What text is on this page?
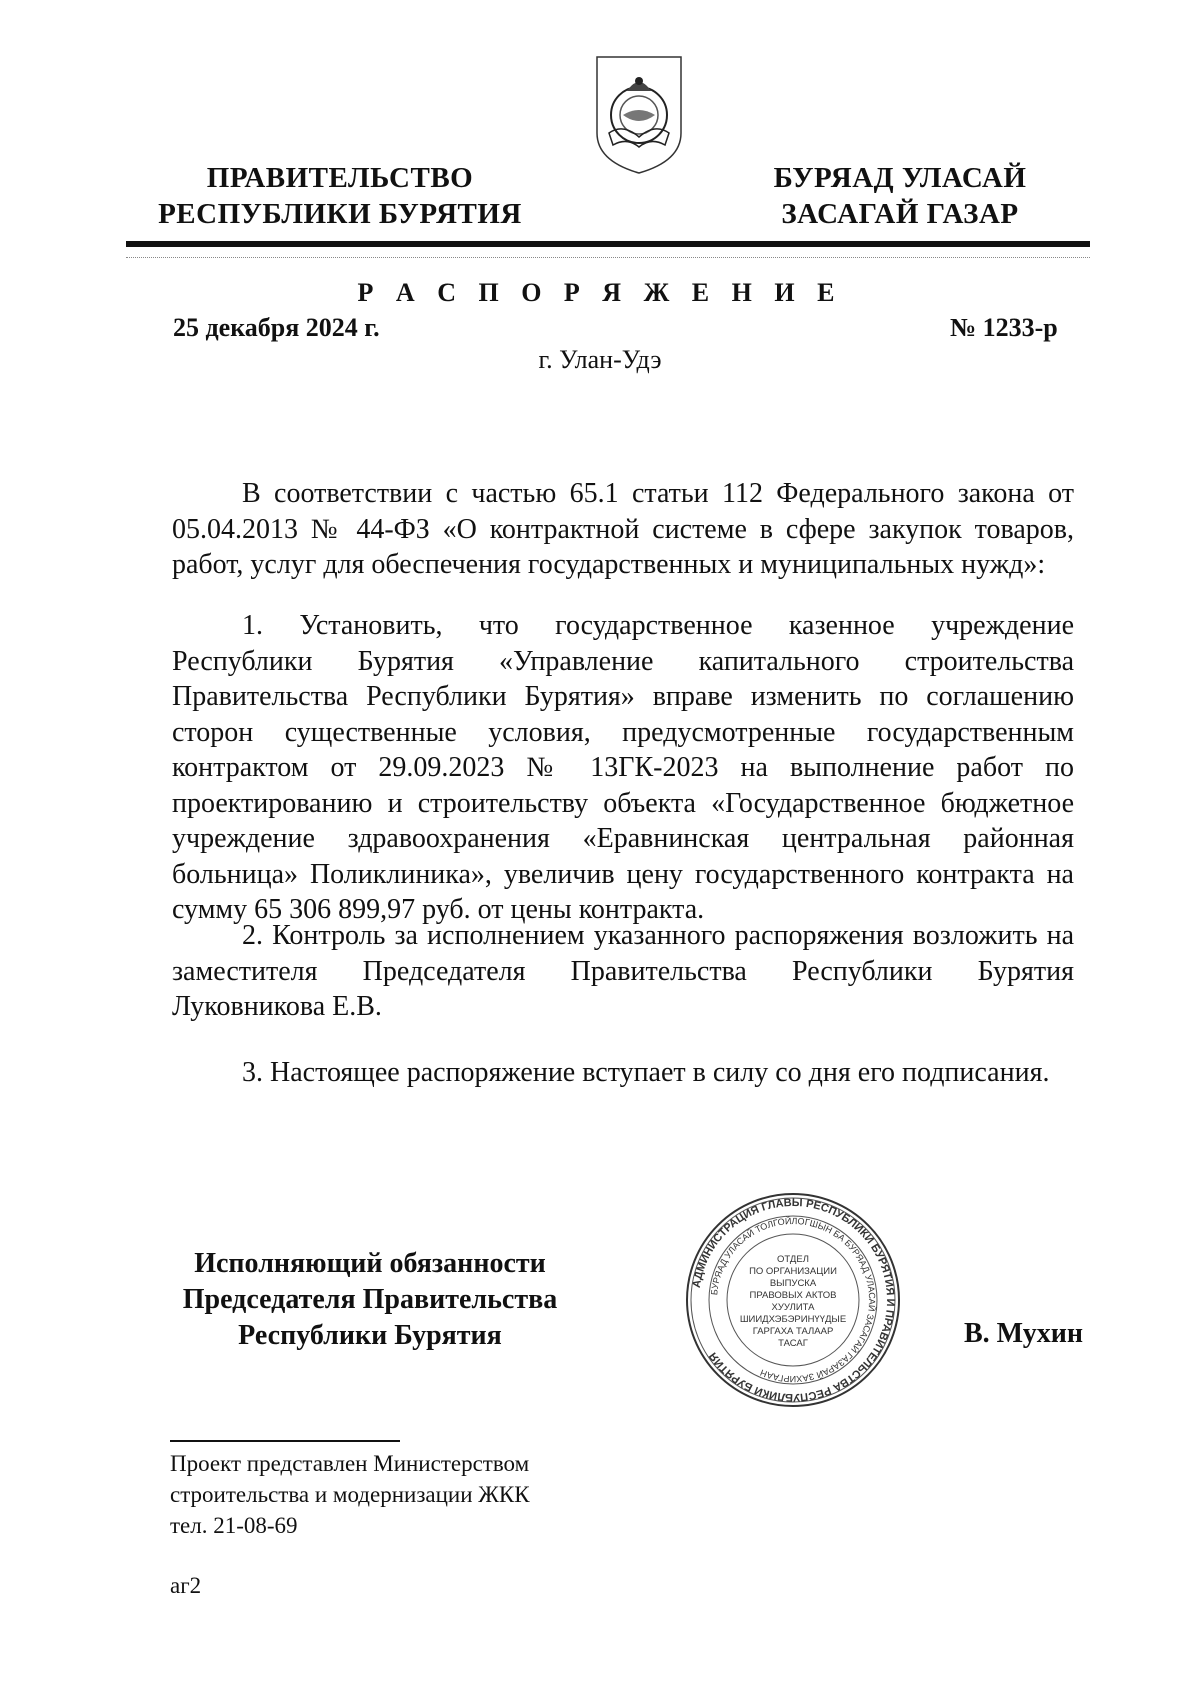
ПРАВИТЕЛЬСТВО

РЕСПУБЛИКИ БУРЯТИЯ

БУРЯАД УЛАСАЙ

ЗАСАГАЙ ГАЗАР

Р А С П О Р Я Ж Е Н И Е
25 декабря 2024 г.	№ 1233-р
г. Улан-Удэ

В соответствии с частью 65.1 статьи 112 Федерального закона от 05.04.2013 № 44-ФЗ «О контрактной системе в сфере закупок товаров, работ, услуг для обеспечения государственных и муниципальных нужд»:

1. Установить, что государственное казенное учреждение Республики Бурятия «Управление капитального строительства Правительства Республики Бурятия» вправе изменить по соглашению сторон существенные условия, предусмотренные государственным контрактом от 29.09.2023 № 13ГК-2023 на выполнение работ по проектированию и строительству объекта «Государственное бюджетное учреждение здравоохранения «Еравнинская центральная районная больница» Поликлиника», увеличив цену государственного контракта на сумму 65 306 899,97 руб. от цены контракта.

2. Контроль за исполнением указанного распоряжения возложить на заместителя Председателя Правительства Республики Бурятия Луковникова Е.В.

3. Настоящее распоряжение вступает в силу со дня его подписания.

Исполняющий обязанности

Председателя Правительства

Республики Бурятия	В. Мухин
АДМИНИСТРАЦИЯ ГЛАВЫ РЕСПУБЛИКИ БУРЯТИЯ И ПРАВИТЕЛЬСТВА РЕСПУБЛИКИ БУРЯТИЯ
БУРЯАД УЛАСАЙ ТОЛГОЙЛОГШЫН БА БУРЯАД УЛАСАЙ ЗАСАГАЙ ГАЗАРАЙ ЗАХИРГААН
ОТДЕЛ
ПО ОРГАНИЗАЦИИ
ВЫПУСКА
ПРАВОВЫХ АКТОВ
ХУУЛИТА
ШИИДХЭБЭРИНҮҮДЫЕ
ГАРГАХА ТАЛААР
ТАСАГ

Проект представлен Министерством

строительства и модернизации ЖКК

тел. 21-08-69

аг2
